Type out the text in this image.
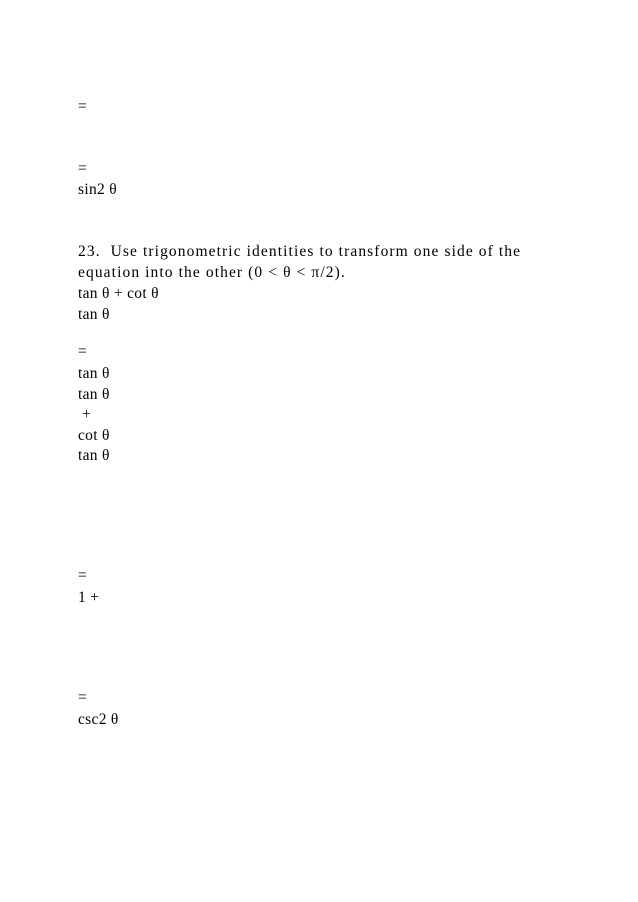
=
=
sin2 θ
23.  Use trigonometric identities to transform one side of the
equation into the other (0 < θ < π/2).
tan θ + cot θ
tan θ
=
tan θ
tan θ
+
cot θ
tan θ
=
1 +
=
csc2 θ
